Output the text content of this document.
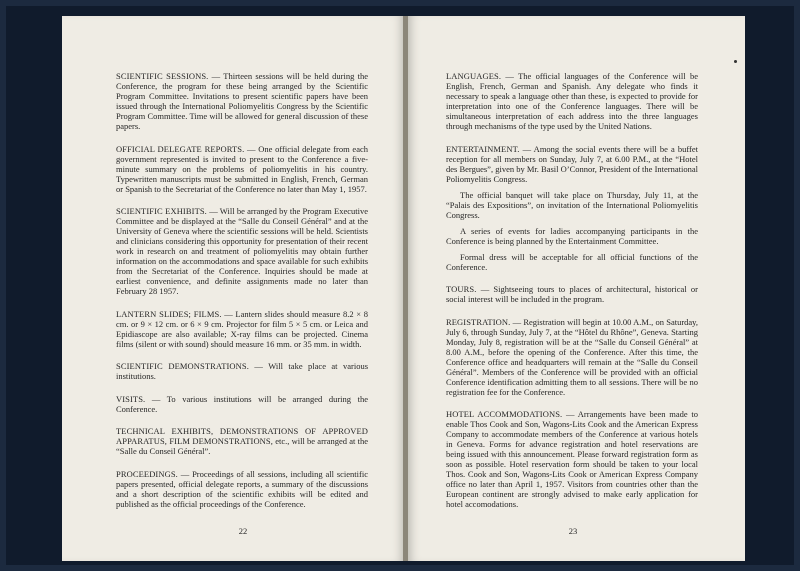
SCIENTIFIC SESSIONS. — Thirteen sessions will be held during the Conference, the program for these being arranged by the Scientific Program Committee. Invitations to present scientific papers have been issued through the International Poliomyelitis Congress by the Scientific Program Committee. Time will be allowed for general discussion of these papers.

OFFICIAL DELEGATE REPORTS. — One official delegate from each government represented is invited to present to the Conference a five-minute summary on the problems of poliomyelitis in his country. Typewritten manuscripts must be submitted in English, French, German or Spanish to the Secretariat of the Conference no later than May 1, 1957.

SCIENTIFIC EXHIBITS. — Will be arranged by the Program Executive Committee and be displayed at the “Salle du Conseil Général” and at the University of Geneva where the scientific sessions will be held. Scientists and clinicians considering this opportunity for presentation of their recent work in research on and treatment of poliomyelitis may obtain further information on the accommodations and space available for such exhibits from the Secretariat of the Conference. Inquiries should be made at earliest convenience, and definite assignments made no later than February 28 1957.

LANTERN SLIDES; FILMS. — Lantern slides should measure 8.2 × 8 cm. or 9 × 12 cm. or 6 × 9 cm. Projector for film 5 × 5 cm. or Leica and Epidiascope are also available; X-ray films can be projected. Cinema films (silent or with sound) should measure 16 mm. or 35 mm. in width.

SCIENTIFIC DEMONSTRATIONS. — Will take place at various institutions.

VISITS. — To various institutions will be arranged during the Conference.

TECHNICAL EXHIBITS, DEMONSTRATIONS OF APPROVED APPARATUS, FILM DEMONSTRATIONS, etc., will be arranged at the “Salle du Conseil Général”.

PROCEEDINGS. — Proceedings of all sessions, including all scientific papers presented, official delegate reports, a summary of the discussions and a short description of the scientific exhibits will be edited and published as the official proceedings of the Conference.

22

LANGUAGES. — The official languages of the Conference will be English, French, German and Spanish. Any delegate who finds it necessary to speak a language other than these, is expected to provide for interpretation into one of the Conference languages. There will be simultaneous interpretation of each address into the three languages through mechanisms of the type used by the United Nations.

ENTERTAINMENT. — Among the social events there will be a buffet reception for all members on Sunday, July 7, at 6.00 P.M., at the “Hotel des Bergues”, given by Mr. Basil O’Connor, President of the International Poliomyelitis Congress.

The official banquet will take place on Thursday, July 11, at the “Palais des Expositions”, on invitation of the International Poliomyelitis Congress.

A series of events for ladies accompanying participants in the Conference is being planned by the Entertainment Committee.

Formal dress will be acceptable for all official functions of the Conference.

TOURS. — Sightseeing tours to places of architectural, historical or social interest will be included in the program.

REGISTRATION. — Registration will begin at 10.00 A.M., on Saturday, July 6, through Sunday, July 7, at the “Hôtel du Rhône”, Geneva. Starting Monday, July 8, registration will be at the “Salle du Conseil Général” at 8.00 A.M., before the opening of the Conference. After this time, the Conference office and headquarters will remain at the “Salle du Conseil Général”. Members of the Conference will be provided with an official Conference identification admitting them to all sessions. There will be no registration fee for the Conference.

HOTEL ACCOMMODATIONS. — Arrangements have been made to enable Thos Cook and Son, Wagons-Lits Cook and the American Express Company to accommodate members of the Conference at various hotels in Geneva. Forms for advance registration and hotel reservations are being issued with this announcement. Please forward registration form as soon as possible. Hotel reservation form should be taken to your local Thos. Cook and Son, Wagons-Lits Cook or American Express Company office no later than April 1, 1957. Visitors from countries other than the European continent are strongly advised to make early application for hotel accomodations.

23
